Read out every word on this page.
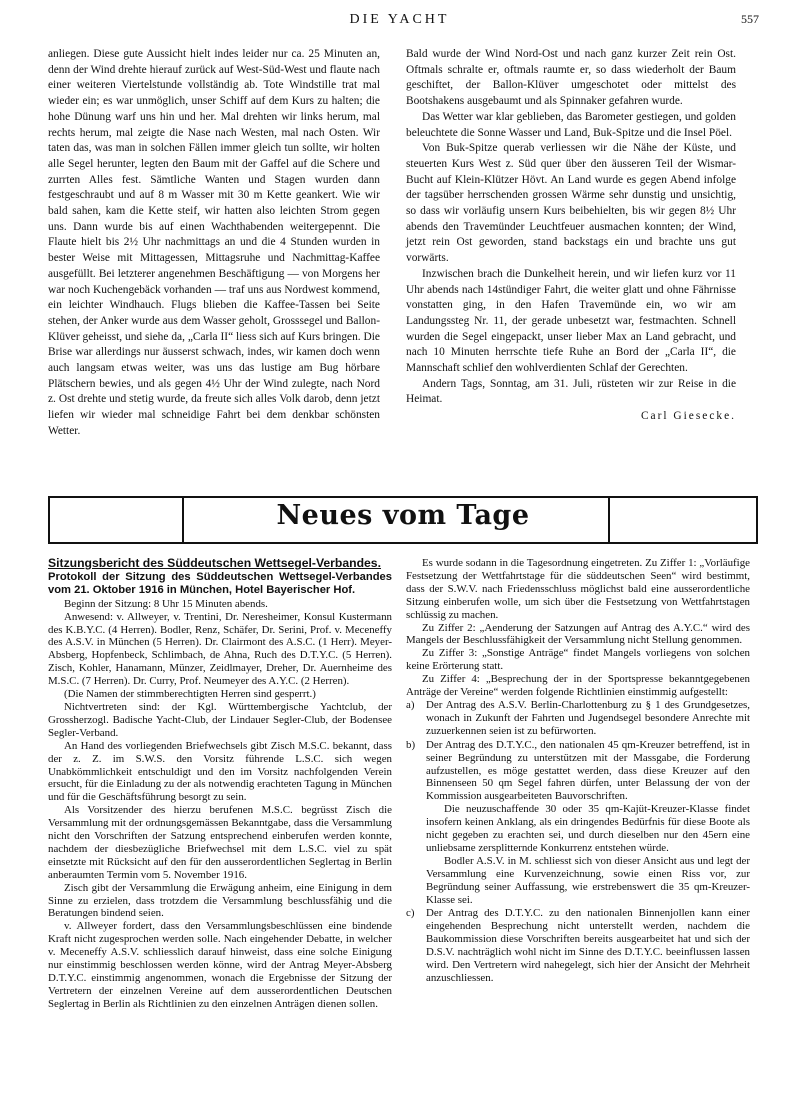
DIE YACHT	557

anliegen. Diese gute Aussicht hielt indes leider nur ca. 25 Minuten an, denn der Wind drehte hierauf zurück auf West-Süd-West und flaute nach einer weiteren Viertelstunde vollständig ab. Tote Windstille trat mal wieder ein; es war unmöglich, unser Schiff auf dem Kurs zu halten; die hohe Dünung warf uns hin und her. Mal drehten wir links herum, mal rechts herum, mal zeigte die Nase nach Westen, mal nach Osten. Wir taten das, was man in solchen Fällen immer gleich tun sollte, wir holten alle Segel herunter, legten den Baum mit der Gaffel auf die Schere und zurrten Alles fest. Sämtliche Wanten und Stagen wurden dann festgeschraubt und auf 8 m Wasser mit 30 m Kette geankert. Wie wir bald sahen, kam die Kette steif, wir hatten also leichten Strom gegen uns. Dann wurde bis auf einen Wachthabenden weitergepennt. Die Flaute hielt bis 2½ Uhr nachmittags an und die 4 Stunden wurden in bester Weise mit Mittagessen, Mittagsruhe und Nachmittag-Kaffee ausgefüllt. Bei letzterer angenehmen Beschäftigung — von Morgens her war noch Kuchengebäck vorhanden — traf uns aus Nordwest kommend, ein leichter Windhauch. Flugs blieben die Kaffee-Tassen bei Seite stehen, der Anker wurde aus dem Wasser geholt, Grosssegel und Ballon-Klüver geheisst, und siehe da, „Carla II“ liess sich auf Kurs bringen. Die Brise war allerdings nur äusserst schwach, indes, wir kamen doch wenn auch langsam etwas weiter, was uns das lustige am Bug hörbare Plätschern bewies, und als gegen 4½ Uhr der Wind zulegte, nach Nord z. Ost drehte und stetig wurde, da freute sich alles Volk darob, denn jetzt liefen wir wieder mal schneidige Fahrt bei dem denkbar schönsten Wetter.

Bald wurde der Wind Nord-Ost und nach ganz kurzer Zeit rein Ost. Oftmals schralte er, oftmals raumte er, so dass wiederholt der Baum geschiftet, der Ballon-Klüver umgeschotet oder mittelst des Bootshakens ausgebaumt und als Spinnaker gefahren wurde.

Das Wetter war klar geblieben, das Barometer gestiegen, und golden beleuchtete die Sonne Wasser und Land, Buk-Spitze und die Insel Pöel.

Von Buk-Spitze querab verliessen wir die Nähe der Küste, und steuerten Kurs West z. Süd quer über den äusseren Teil der Wismar-Bucht auf Klein-Klützer Hövt. An Land wurde es gegen Abend infolge der tagsüber herrschenden grossen Wärme sehr dunstig und unsichtig, so dass wir vorläufig unsern Kurs beibehielten, bis wir gegen 8½ Uhr abends den Travemünder Leuchtfeuer ausmachen konnten; der Wind, jetzt rein Ost geworden, stand backstags ein und brachte uns gut vorwärts.

Inzwischen brach die Dunkelheit herein, und wir liefen kurz vor 11 Uhr abends nach 14stündiger Fahrt, die weiter glatt und ohne Fährnisse vonstatten ging, in den Hafen Travemünde ein, wo wir am Landungssteg Nr. 11, der gerade unbesetzt war, festmachten. Schnell wurden die Segel eingepackt, unser lieber Max an Land gebracht, und nach 10 Minuten herrschte tiefe Ruhe an Bord der „Carla II“, die Mannschaft schlief den wohlverdienten Schlaf der Gerechten.

Andern Tags, Sonntag, am 31. Juli, rüsteten wir zur Reise in die Heimat.

Carl Giesecke.
Neues vom Tage

Sitzungsbericht des Süddeutschen Wettsegel-Verbandes.

Protokoll der Sitzung des Süddeutschen Wettsegel-Verbandes vom 21. Oktober 1916 in München, Hotel Bayerischer Hof.

Beginn der Sitzung: 8 Uhr 15 Minuten abends.

Anwesend: v. Allweyer, v. Trentini, Dr. Neresheimer, Konsul Kustermann des K.B.Y.C. (4 Herren). Bodler, Renz, Schäfer, Dr. Serini, Prof. v. Meceneffy des A.S.V. in München (5 Herren). Dr. Clairmont des A.S.C. (1 Herr). Meyer-Absberg, Hopfenbeck, Schlimbach, de Ahna, Ruch des D.T.Y.C. (5 Herren). Zisch, Kohler, Hanamann, Münzer, Zeidlmayer, Dreher, Dr. Auernheime des M.S.C. (7 Herren). Dr. Curry, Prof. Neumeyer des A.Y.C. (2 Herren).

(Die Namen der stimmberechtigten Herren sind gesperrt.)

Nichtvertreten sind: der Kgl. Württembergische Yachtclub, der Grossherzogl. Badische Yacht-Club, der Lindauer Segler-Club, der Bodensee Segler-Verband.

An Hand des vorliegenden Briefwechsels gibt Zisch M.S.C. bekannt, dass der z. Z. im S.W.S. den Vorsitz führende L.S.C. sich wegen Unabkömmlichkeit entschuldigt und den im Vorsitz nachfolgenden Verein ersucht, für die Einladung zu der als notwendig erachteten Tagung in München und für die Geschäftsführung besorgt zu sein.

Als Vorsitzender des hierzu berufenen M.S.C. begrüsst Zisch die Versammlung mit der ordnungsgemässen Bekanntgabe, dass die Versammlung nicht den Vorschriften der Satzung entsprechend einberufen werden konnte, nachdem der diesbezügliche Briefwechsel mit dem L.S.C. viel zu spät einsetzte mit Rücksicht auf den für den ausserordentlichen Seglertag in Berlin anberaumten Termin vom 5. November 1916.

Zisch gibt der Versammlung die Erwägung anheim, eine Einigung in dem Sinne zu erzielen, dass trotzdem die Versammlung beschlussfähig und die Beratungen bindend seien.

v. Allweyer fordert, dass den Versammlungsbeschlüssen eine bindende Kraft nicht zugesprochen werden solle. Nach eingehender Debatte, in welcher v. Meceneffy A.S.V. schliesslich darauf hinweist, dass eine solche Einigung nur einstimmig beschlossen werden könne, wird der Antrag Meyer-Absberg D.T.Y.C. einstimmig angenommen, wonach die Ergebnisse der Sitzung der Vertretern der einzelnen Vereine auf dem ausserordentlichen Deutschen Seglertag in Berlin als Richtlinien zu den einzelnen Anträgen dienen sollen.

Es wurde sodann in die Tagesordnung eingetreten. Zu Ziffer 1: „Vorläufige Festsetzung der Wettfahrtstage für die süddeutschen Seen“ wird bestimmt, dass der S.W.V. nach Friedensschluss möglichst bald eine ausserordentliche Sitzung einberufen wolle, um sich über die Festsetzung von Wettfahrtstagen schlüssig zu machen.

Zu Ziffer 2: „Aenderung der Satzungen auf Antrag des A.Y.C.“ wird des Mangels der Beschlussfähigkeit der Versammlung nicht Stellung genommen.

Zu Ziffer 3: „Sonstige Anträge“ findet Mangels vorliegens von solchen keine Erörterung statt.

Zu Ziffer 4: „Besprechung der in der Sportspresse bekanntgegebenen Anträge der Vereine“ werden folgende Richtlinien einstimmig aufgestellt:

a)	Der Antrag des A.S.V. Berlin-Charlottenburg zu § 1 des Grundgesetzes, wonach in Zukunft der Fahrten und Jugendsegel besondere Anrechte mit zuzuerkennen seien ist zu befürworten.

b)	Der Antrag des D.T.Y.C., den nationalen 45 qm-Kreuzer betreffend, ist in seiner Begründung zu unterstützen mit der Massgabe, die Forderung aufzustellen, es möge gestattet werden, dass diese Kreuzer auf den Binnenseen 50 qm Segel fahren dürfen, unter Belassung der von der Kommission ausgearbeiteten Bauvorschriften.

Die neuzuschaffende 30 oder 35 qm-Kajüt-Kreuzer-Klasse findet insofern keinen Anklang, als ein dringendes Bedürfnis für diese Boote als nicht gegeben zu erachten sei, und durch dieselben nur den 45ern eine unliebsame zersplitternde Konkurrenz entstehen würde.

Bodler A.S.V. in M. schliesst sich von dieser Ansicht aus und legt der Versammlung eine Kurvenzeichnung, sowie einen Riss vor, zur Begründung seiner Auffassung, wie erstrebenswert die 35 qm-Kreuzer-Klasse sei.

c)	Der Antrag des D.T.Y.C. zu den nationalen Binnenjollen kann einer eingehenden Besprechung nicht unterstellt werden, nachdem die Baukommission diese Vorschriften bereits ausgearbeitet hat und sich der D.S.V. nachträglich wohl nicht im Sinne des D.T.Y.C. beeinflussen lassen wird. Den Vertretern wird nahegelegt, sich hier der Ansicht der Mehrheit anzuschliessen.
